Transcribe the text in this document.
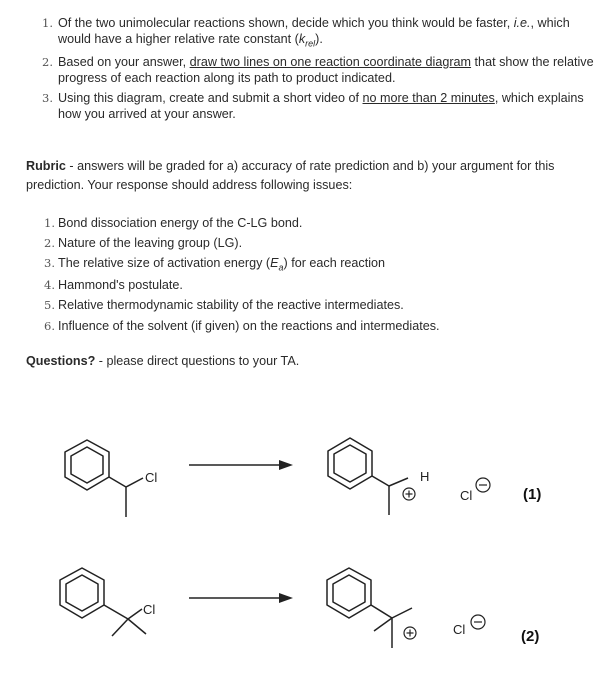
1. Of the two unimolecular reactions shown, decide which you think would be faster, i.e., which would have a higher relative rate constant $(k_{rel})$.
2. Based on your answer, draw two lines on one reaction coordinate diagram that show the relative progress of each reaction along its path to product indicated.
3. Using this diagram, create and submit a short video of no more than 2 minutes, which explains how you arrived at your answer.
Rubric - answers will be graded for a) accuracy of rate prediction and b) your argument for this prediction. Your response should address following issues:
1. Bond dissociation energy of the C-LG bond.
2. Nature of the leaving group (LG).
3. The relative size of activation energy $(E_a)$ for each reaction
4. Hammond's postulate.
5. Relative thermodynamic stability of the reactive intermediates.
6. Influence of the solvent (if given) on the reactions and intermediates.
Questions? - please direct questions to your TA.
Cl	H
Cl
Cl
Cl
(1)
(2)
